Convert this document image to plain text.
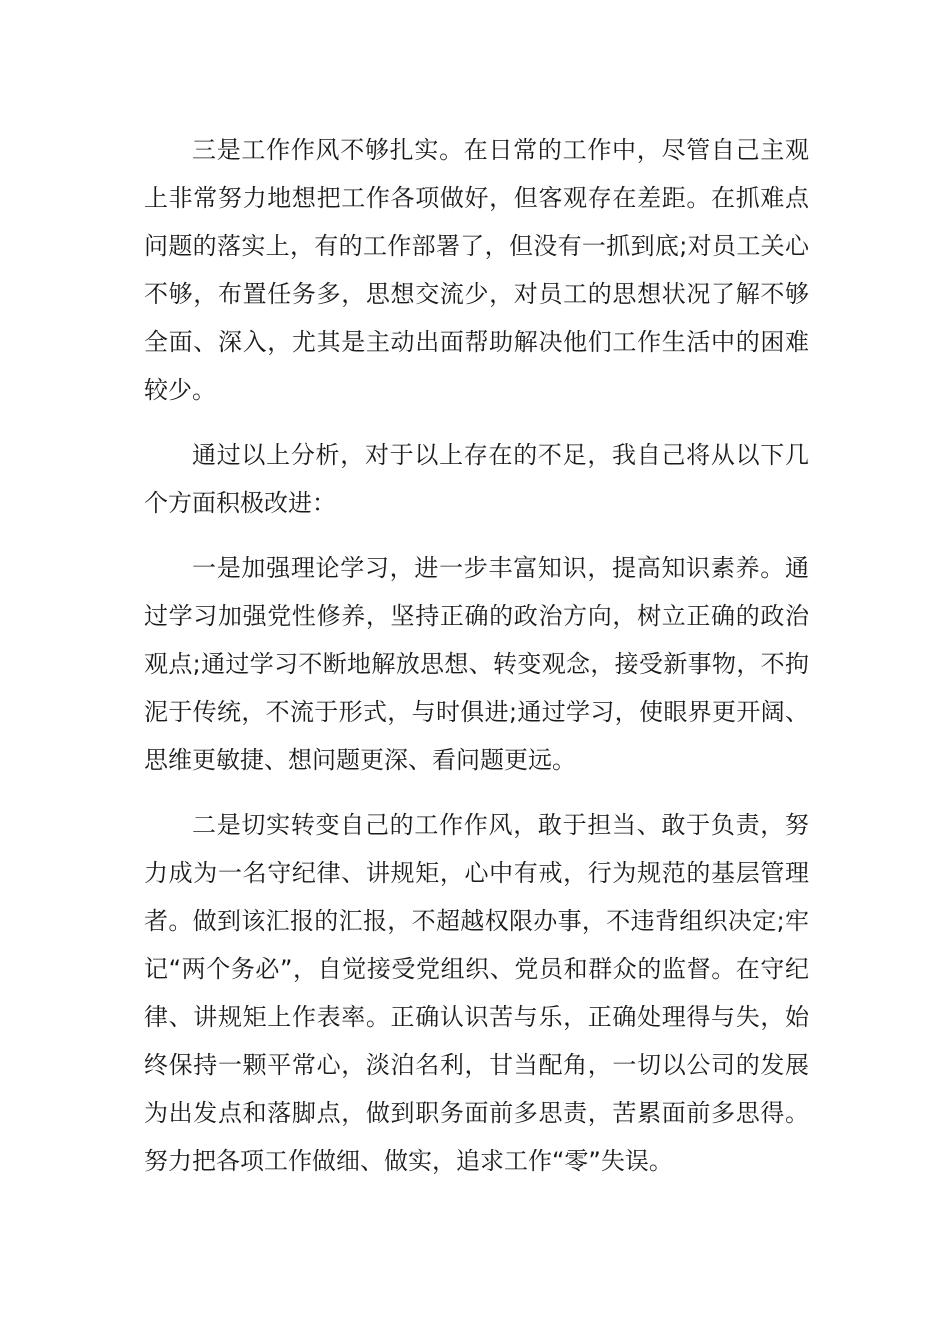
三是工作作风不够扎实。在日常的工作中，尽管自己主观上非常努力地想把工作各项做好，但客观存在差距。在抓难点问题的落实上，有的工作部署了，但没有一抓到底;对员工关心不够，布置任务多，思想交流少，对员工的思想状况了解不够全面、深入，尤其是主动出面帮助解决他们工作生活中的困难较少。

通过以上分析，对于以上存在的不足，我自己将从以下几个方面积极改进：

一是加强理论学习，进一步丰富知识，提高知识素养。通过学习加强党性修养，坚持正确的政治方向，树立正确的政治观点;通过学习不断地解放思想、转变观念，接受新事物，不拘泥于传统，不流于形式，与时俱进;通过学习，使眼界更开阔、思维更敏捷、想问题更深、看问题更远。

二是切实转变自己的工作作风，敢于担当、敢于负责，努力成为一名守纪律、讲规矩，心中有戒，行为规范的基层管理者。做到该汇报的汇报，不超越权限办事，不违背组织决定;牢记“两个务必”，自觉接受党组织、党员和群众的监督。在守纪律、讲规矩上作表率。正确认识苦与乐，正确处理得与失，始终保持一颗平常心，淡泊名利，甘当配角，一切以公司的发展为出发点和落脚点，做到职务面前多思责，苦累面前多思得。努力把各项工作做细、做实，追求工作“零”失误。
